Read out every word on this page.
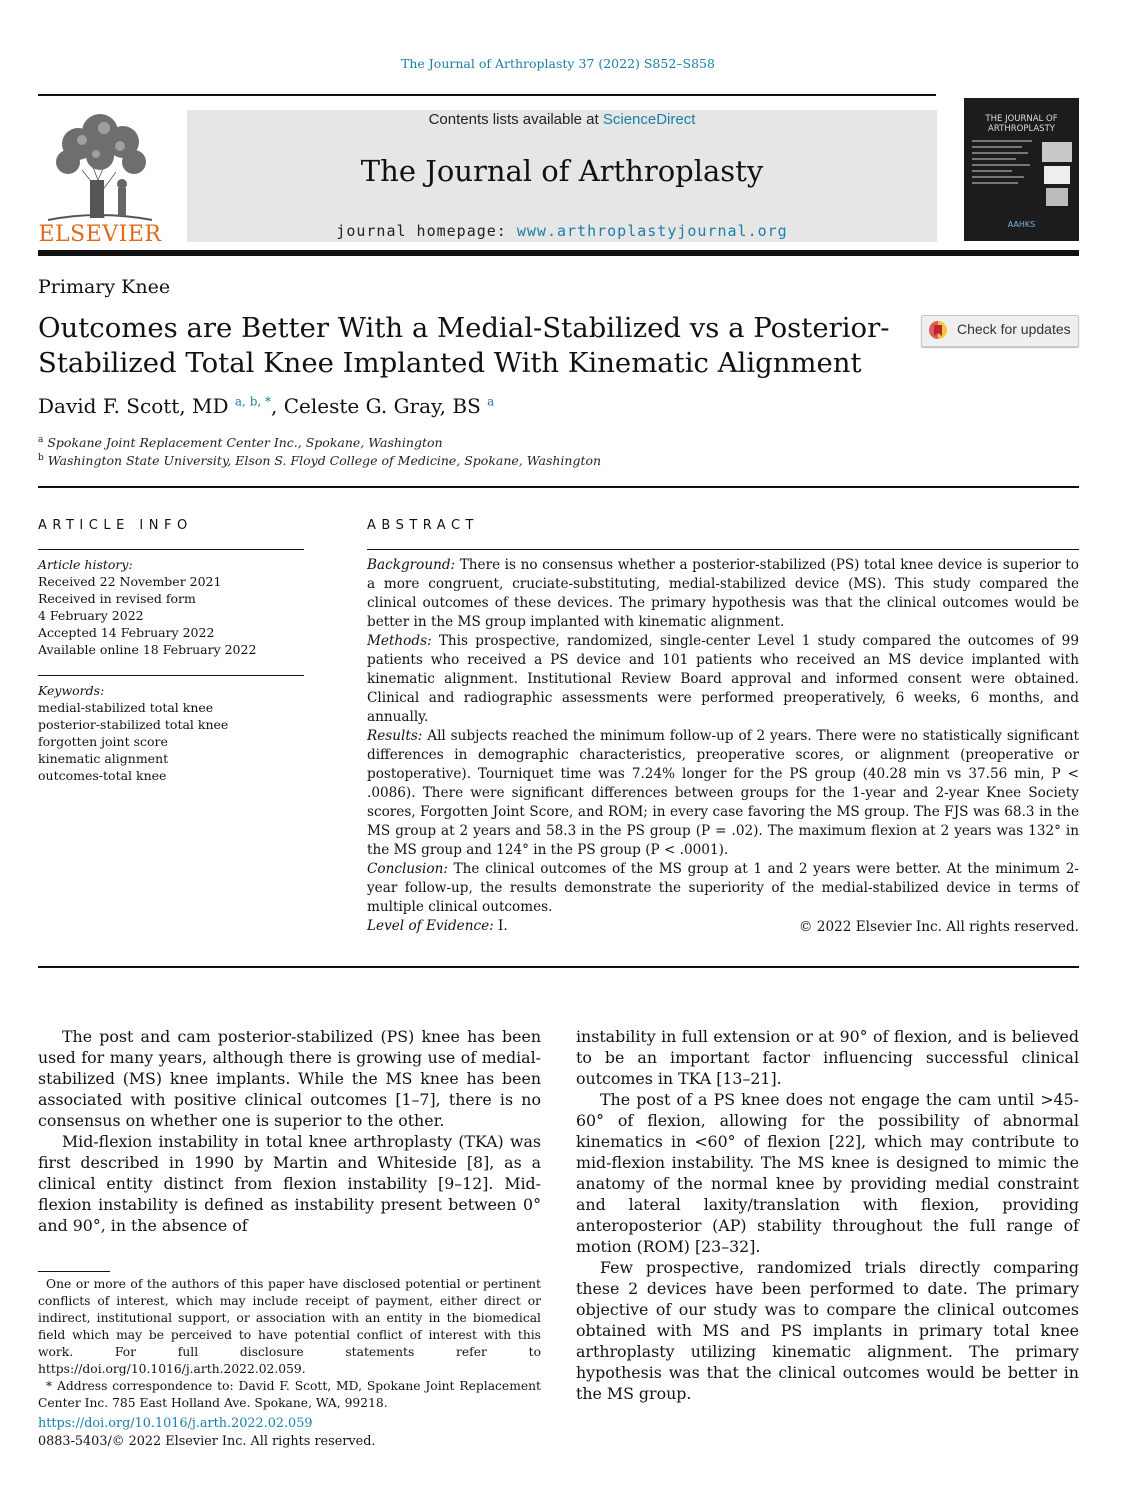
The Journal of Arthroplasty 37 (2022) S852–S858
ELSEVIER
Contents lists available at ScienceDirect
The Journal of Arthroplasty
journal homepage: www.arthroplastyjournal.org
THE JOURNAL OF ARTHROPLASTY
AAHKS
Primary Knee
Outcomes are Better With a Medial-Stabilized vs a Posterior-Stabilized Total Knee Implanted With Kinematic Alignment
Check for updates
David F. Scott, MD $^{a, b, *}$, Celeste G. Gray, BS $^a$
$^a$ Spokane Joint Replacement Center Inc., Spokane, Washington
$^b$ Washington State University, Elson S. Floyd College of Medicine, Spokane, Washington
ARTICLE INFO
Article history:
Received 22 November 2021
Received in revised form
4 February 2022
Accepted 14 February 2022
Available online 18 February 2022
Keywords:
medial-stabilized total knee
posterior-stabilized total knee
forgotten joint score
kinematic alignment
outcomes-total knee
ABSTRACT

Background: There is no consensus whether a posterior-stabilized (PS) total knee device is superior to a more congruent, cruciate-substituting, medial-stabilized device (MS). This study compared the clinical outcomes of these devices. The primary hypothesis was that the clinical outcomes would be better in the MS group implanted with kinematic alignment.

Methods: This prospective, randomized, single-center Level 1 study compared the outcomes of 99 patients who received a PS device and 101 patients who received an MS device implanted with kinematic alignment. Institutional Review Board approval and informed consent were obtained. Clinical and radiographic assessments were performed preoperatively, 6 weeks, 6 months, and annually.

Results: All subjects reached the minimum follow-up of 2 years. There were no statistically significant differences in demographic characteristics, preoperative scores, or alignment (preoperative or postoperative). Tourniquet time was 7.24% longer for the PS group (40.28 min vs 37.56 min, P < .0086). There were significant differences between groups for the 1-year and 2-year Knee Society scores, Forgotten Joint Score, and ROM; in every case favoring the MS group. The FJS was 68.3 in the MS group at 2 years and 58.3 in the PS group (P = .02). The maximum flexion at 2 years was 132° in the MS group and 124° in the PS group (P < .0001).

Conclusion: The clinical outcomes of the MS group at 1 and 2 years were better. At the minimum 2-year follow-up, the results demonstrate the superiority of the medial-stabilized device in terms of multiple clinical outcomes.

Level of Evidence: I.	© 2022 Elsevier Inc. All rights reserved.

The post and cam posterior-stabilized (PS) knee has been used for many years, although there is growing use of medial-stabilized (MS) knee implants. While the MS knee has been associated with positive clinical outcomes [1–7], there is no consensus on whether one is superior to the other.

Mid-flexion instability in total knee arthroplasty (TKA) was first described in 1990 by Martin and Whiteside [8], as a clinical entity distinct from flexion instability [9–12]. Mid-flexion instability is defined as instability present between 0° and 90°, in the absence of

instability in full extension or at 90° of flexion, and is believed to be an important factor influencing successful clinical outcomes in TKA [13–21].

The post of a PS knee does not engage the cam until >45-60° of flexion, allowing for the possibility of abnormal kinematics in <60° of flexion [22], which may contribute to mid-flexion instability. The MS knee is designed to mimic the anatomy of the normal knee by providing medial constraint and lateral laxity/translation with flexion, providing anteroposterior (AP) stability throughout the full range of motion (ROM) [23–32].

Few prospective, randomized trials directly comparing these 2 devices have been performed to date. The primary objective of our study was to compare the clinical outcomes obtained with MS and PS implants in primary total knee arthroplasty utilizing kinematic alignment. The primary hypothesis was that the clinical outcomes would be better in the MS group.

One or more of the authors of this paper have disclosed potential or pertinent conflicts of interest, which may include receipt of payment, either direct or indirect, institutional support, or association with an entity in the biomedical field which may be perceived to have potential conflict of interest with this work. For full disclosure statements refer to https://doi.org/10.1016/j.arth.2022.02.059.

* Address correspondence to: David F. Scott, MD, Spokane Joint Replacement Center Inc. 785 East Holland Ave. Spokane, WA, 99218.

https://doi.org/10.1016/j.arth.2022.02.059
0883-5403/© 2022 Elsevier Inc. All rights reserved.
